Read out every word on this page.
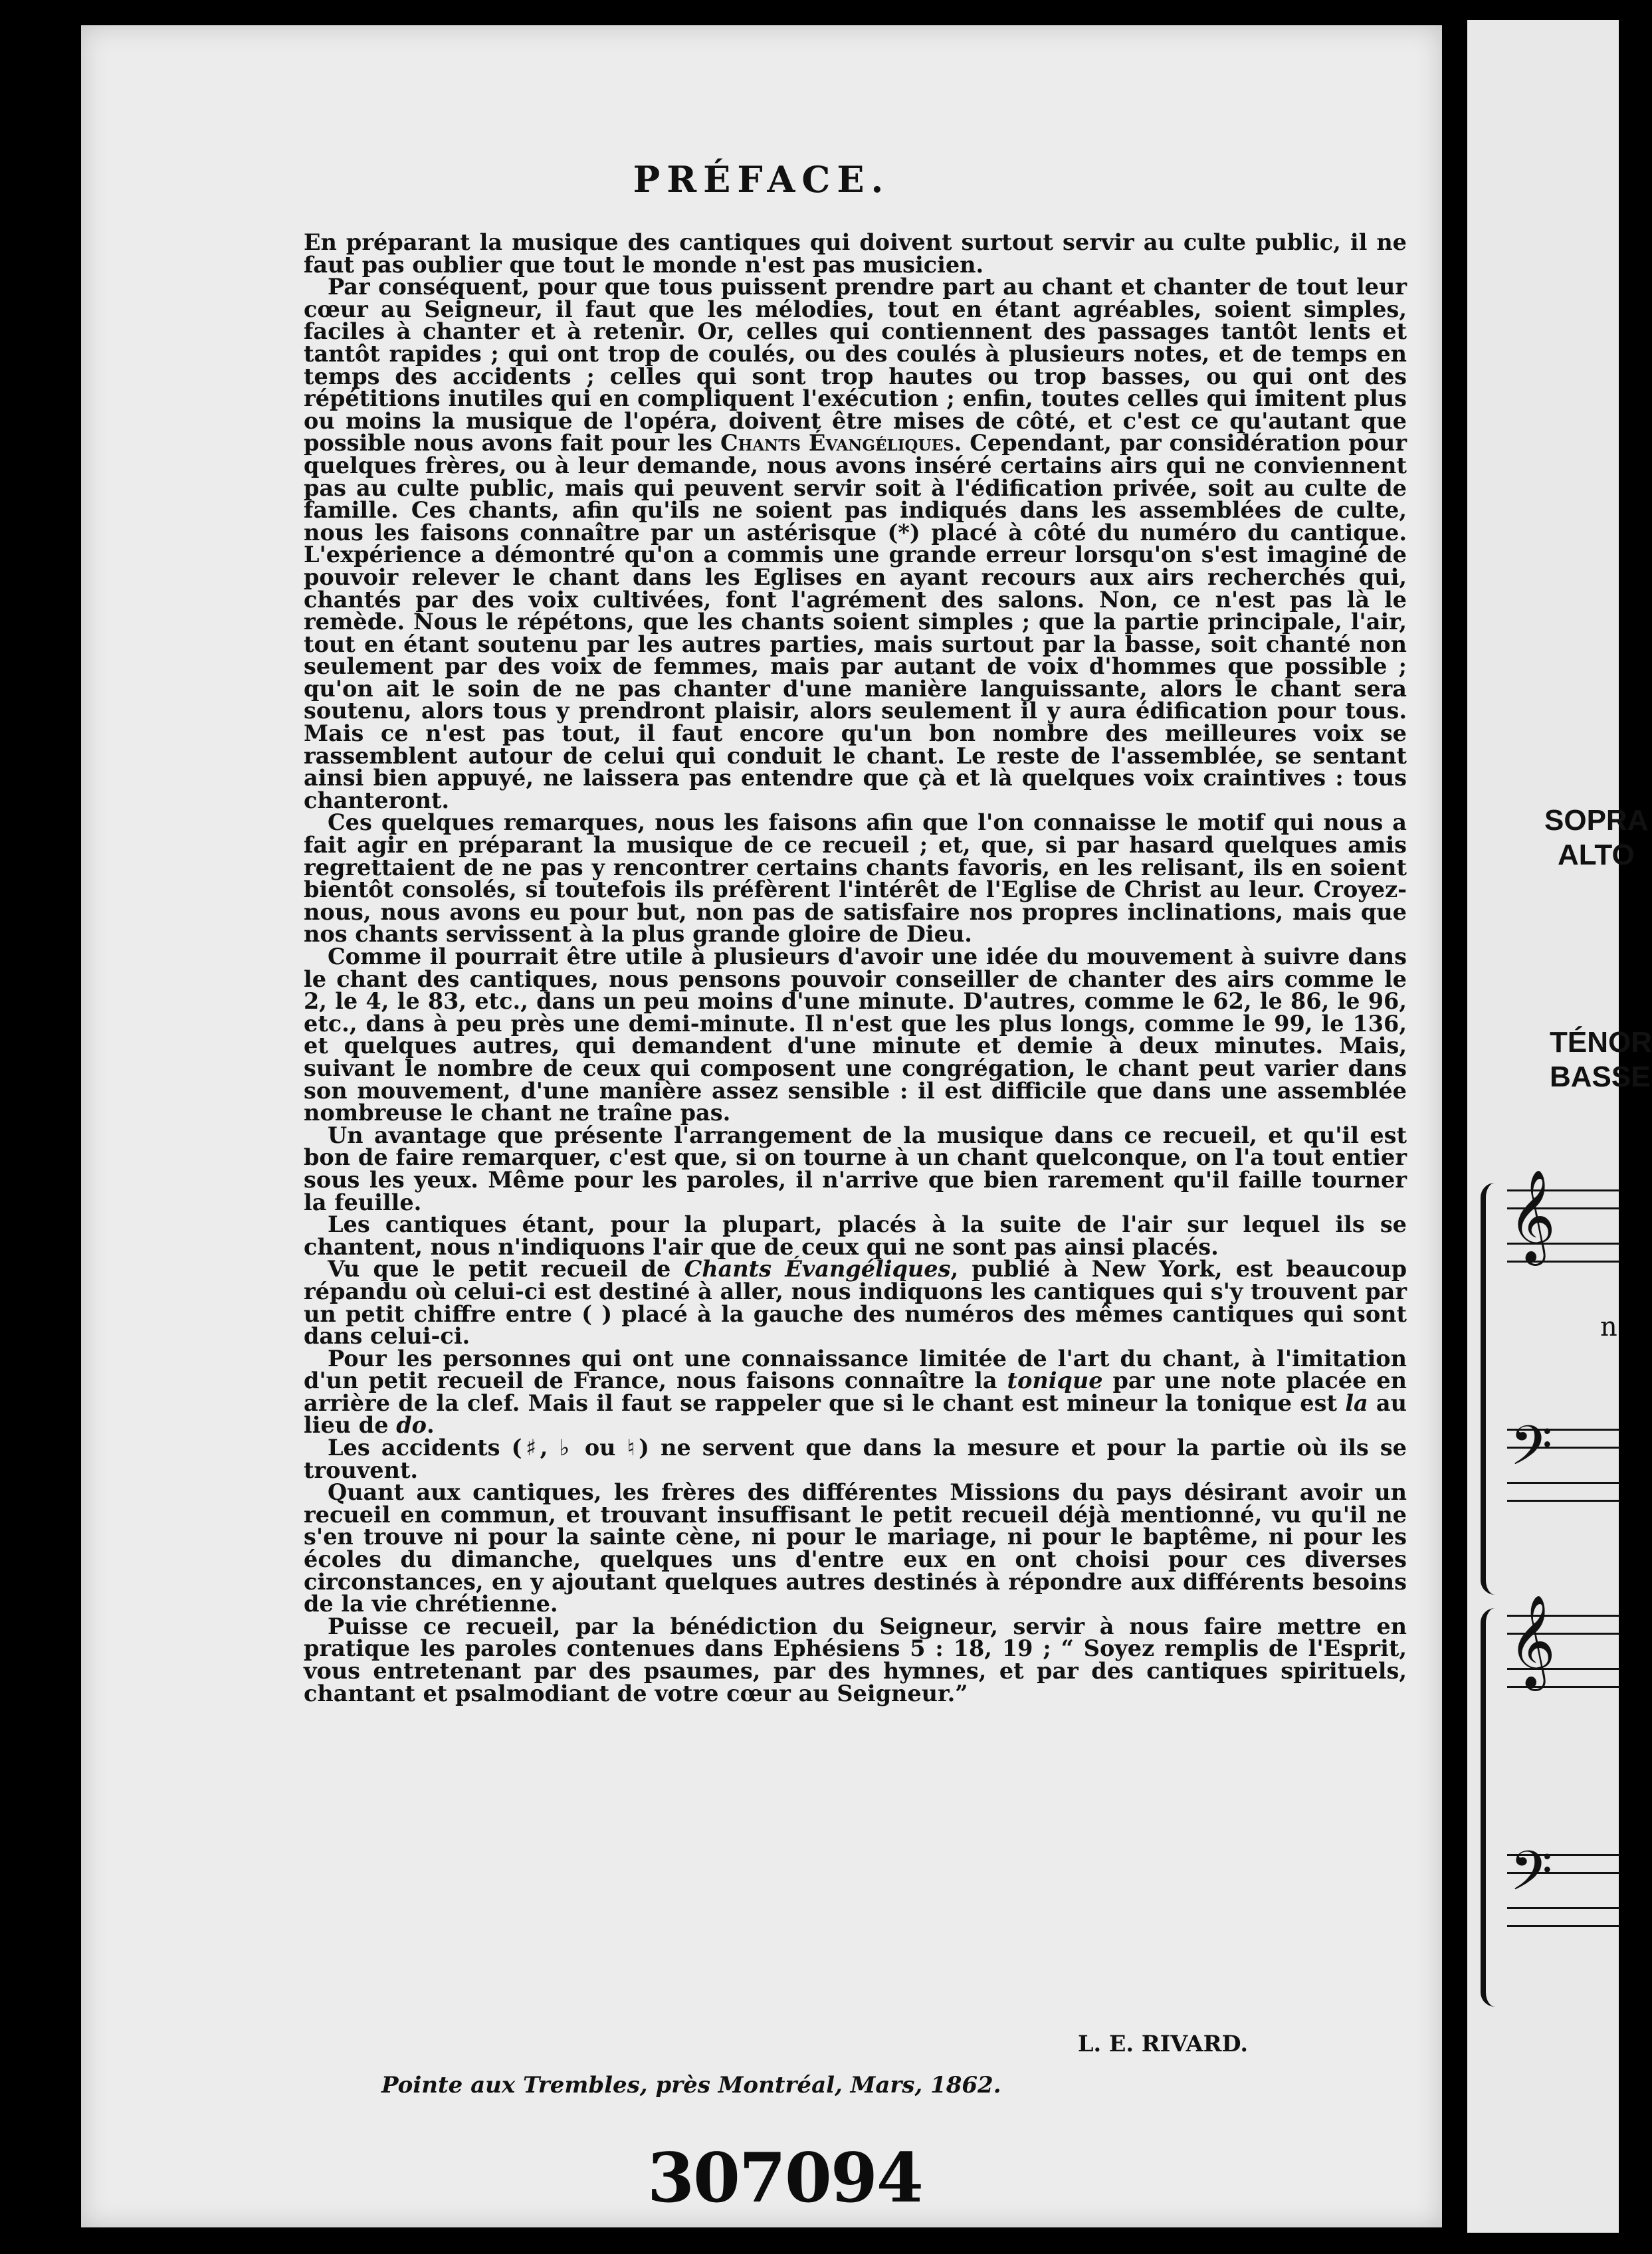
PRÉFACE.

En préparant la musique des cantiques qui doivent surtout servir au culte public, il ne faut pas oublier que tout le monde n'est pas musicien.

Par conséquent, pour que tous puissent prendre part au chant et chanter de tout leur cœur au Seigneur, il faut que les mélodies, tout en étant agréables, soient simples, faciles à chanter et à retenir. Or, celles qui contiennent des passages tantôt lents et tantôt rapides ; qui ont trop de coulés, ou des coulés à plusieurs notes, et de temps en temps des accidents ; celles qui sont trop hautes ou trop basses, ou qui ont des répétitions inutiles qui en compliquent l'exécution ; enfin, toutes celles qui imitent plus ou moins la musique de l'opéra, doivent être mises de côté, et c'est ce qu'autant que possible nous avons fait pour les Chants Évangéliques. Cependant, par considération pour quelques frères, ou à leur demande, nous avons inséré certains airs qui ne conviennent pas au culte public, mais qui peuvent servir soit à l'édification privée, soit au culte de famille. Ces chants, afin qu'ils ne soient pas indiqués dans les assemblées de culte, nous les faisons connaître par un astérisque (*) placé à côté du numéro du cantique. L'expérience a démontré qu'on a commis une grande erreur lorsqu'on s'est imaginé de pouvoir relever le chant dans les Eglises en ayant recours aux airs recherchés qui, chantés par des voix cultivées, font l'agrément des salons. Non, ce n'est pas là le remède. Nous le répétons, que les chants soient simples ; que la partie principale, l'air, tout en étant soutenu par les autres parties, mais surtout par la basse, soit chanté non seulement par des voix de femmes, mais par autant de voix d'hommes que possible ; qu'on ait le soin de ne pas chanter d'une manière languissante, alors le chant sera soutenu, alors tous y prendront plaisir, alors seulement il y aura édification pour tous. Mais ce n'est pas tout, il faut encore qu'un bon nombre des meilleures voix se rassemblent autour de celui qui conduit le chant. Le reste de l'assemblée, se sentant ainsi bien appuyé, ne laissera pas entendre que çà et là quelques voix craintives : tous chanteront.

Ces quelques remarques, nous les faisons afin que l'on connaisse le motif qui nous a fait agir en préparant la musique de ce recueil ; et, que, si par hasard quelques amis regrettaient de ne pas y rencontrer certains chants favoris, en les relisant, ils en soient bientôt consolés, si toutefois ils préfèrent l'intérêt de l'Eglise de Christ au leur. Croyez-nous, nous avons eu pour but, non pas de satisfaire nos propres inclinations, mais que nos chants servissent à la plus grande gloire de Dieu.

Comme il pourrait être utile à plusieurs d'avoir une idée du mouvement à suivre dans le chant des cantiques, nous pensons pouvoir conseiller de chanter des airs comme le 2, le 4, le 83, etc., dans un peu moins d'une minute. D'autres, comme le 62, le 86, le 96, etc., dans à peu près une demi-minute. Il n'est que les plus longs, comme le 99, le 136, et quelques autres, qui demandent d'une minute et demie à deux minutes. Mais, suivant le nombre de ceux qui composent une congrégation, le chant peut varier dans son mouvement, d'une manière assez sensible : il est difficile que dans une assemblée nombreuse le chant ne traîne pas.

Un avantage que présente l'arrangement de la musique dans ce recueil, et qu'il est bon de faire remarquer, c'est que, si on tourne à un chant quelconque, on l'a tout entier sous les yeux. Même pour les paroles, il n'arrive que bien rarement qu'il faille tourner la feuille.

Les cantiques étant, pour la plupart, placés à la suite de l'air sur lequel ils se chantent, nous n'indiquons l'air que de ceux qui ne sont pas ainsi placés.

Vu que le petit recueil de Chants Évangéliques, publié à New York, est beaucoup répandu où celui-ci est destiné à aller, nous indiquons les cantiques qui s'y trouvent par un petit chiffre entre ( ) placé à la gauche des numéros des mêmes cantiques qui sont dans celui-ci.

Pour les personnes qui ont une connaissance limitée de l'art du chant, à l'imitation d'un petit recueil de France, nous faisons connaître la tonique par une note placée en arrière de la clef. Mais il faut se rappeler que si le chant est mineur la tonique est la au lieu de do.

Les accidents (♯, ♭ ou ♮) ne servent que dans la mesure et pour la partie où ils se trouvent.

Quant aux cantiques, les frères des différentes Missions du pays désirant avoir un recueil en commun, et trouvant insuffisant le petit recueil déjà mentionné, vu qu'il ne s'en trouve ni pour la sainte cène, ni pour le mariage, ni pour le baptême, ni pour les écoles du dimanche, quelques uns d'entre eux en ont choisi pour ces diverses circonstances, en y ajoutant quelques autres destinés à répondre aux différents besoins de la vie chrétienne.

Puisse ce recueil, par la bénédiction du Seigneur, servir à nous faire mettre en pratique les paroles contenues dans Ephésiens 5 : 18, 19 ; “ Soyez remplis de l'Esprit, vous entretenant par des psaumes, par des hymnes, et par des cantiques spirituels, chantant et psalmodiant de votre cœur au Seigneur.”

L. E. RIVARD.
Pointe aux Trembles, près Montréal, Mars, 1862.
307094
SOPRA
ALTO
TÉNOR
BASSE
𝄞
n
𝄢
𝄞
𝄢
